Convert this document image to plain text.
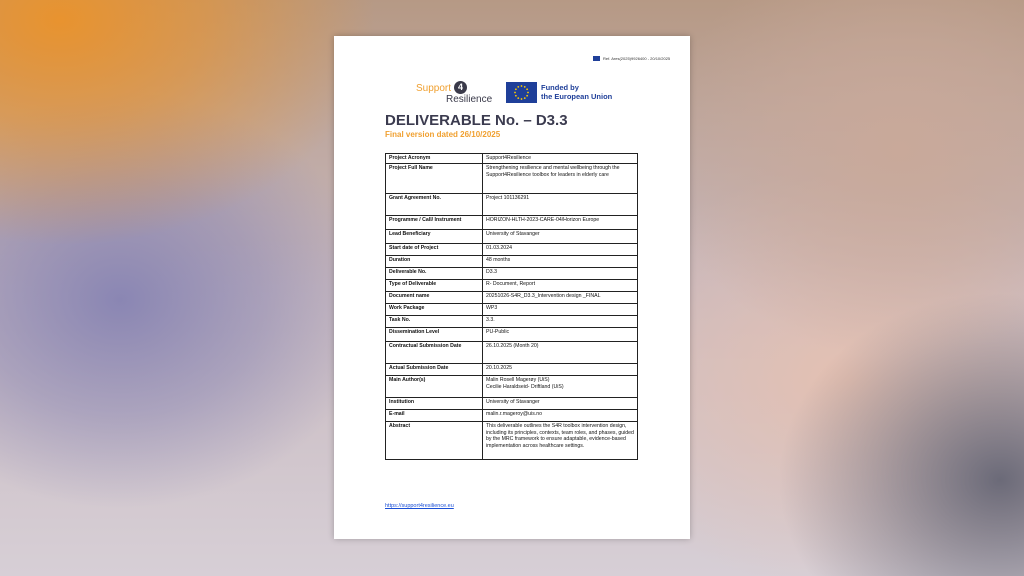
Ref. Ares(2025)9926400 - 20/10/2025
Support 4
Resilience
Funded by
the European Union
DELIVERABLE No. – D3.3
Final version dated 26/10/2025
Project Acronym	Support4Resilience
Project Full Name	Strengthening resilience and mental wellbeing through the Support4Resilience toolbox for leaders in elderly care
Grant Agreement No.	Project 101136291
Programme / Call/ Instrument	HORIZON-HLTH-2023-CARE-04/Horizon Europe
Lead Beneficiary	University of Stavanger
Start date of Project	01.03.2024
Duration	48 months
Deliverable No.	D3.3
Type of Deliverable	R- Document, Report
Document name	20251026-S4R_D3.3_Intervention design _FINAL
Work Package	WP3
Task No.	3.3.
Dissemination Level	PU-Public
Contractual Submission Date	26.10.2025 (Month 20)
Actual Submission Date	20.10.2025
Main Author(s)	Malin Rosell Magerøy (UiS)
Cecilie Haraldseid- Driftland (UiS)
Institution	University of Stavanger
E-mail	malin.r.mageroy@uis.no
Abstract	This deliverable outlines the S4R toolbox intervention design, including its principles, contexts, team roles, and phases, guided by the MRC framework to ensure adaptable, evidence-based implementation across healthcare settings.
https://support4resilience.eu
